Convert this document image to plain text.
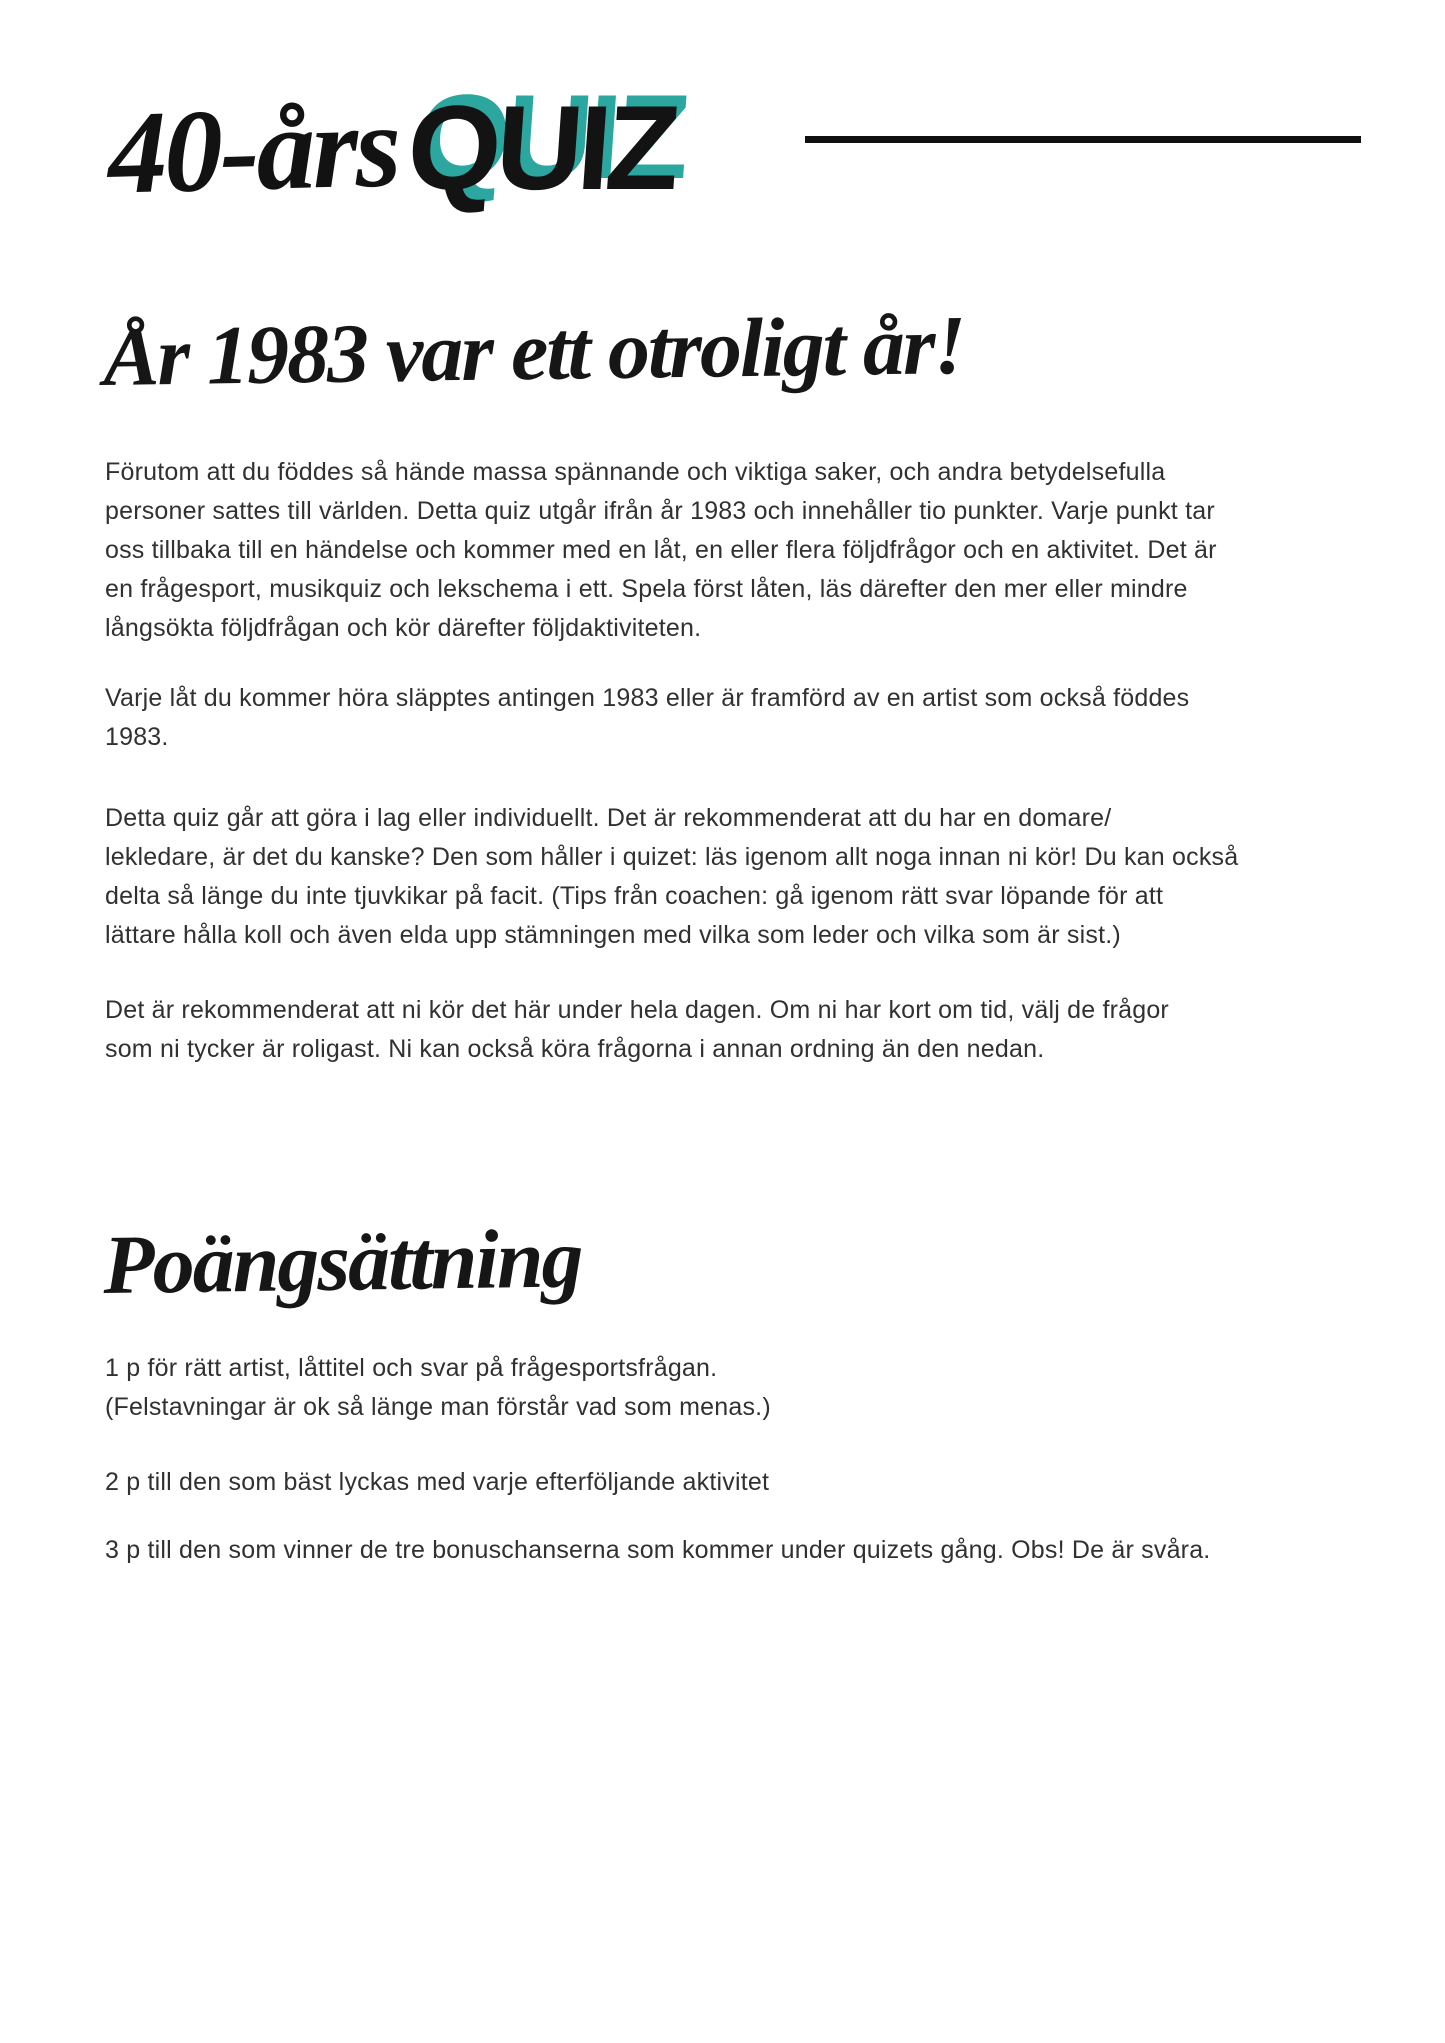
40-års QUIZ
År 1983 var ett otroligt år!
Förutom att du föddes så hände massa spännande och viktiga saker, och andra betydelsefulla
personer sattes till världen. Detta quiz utgår ifrån år 1983 och innehåller tio punkter. Varje punkt tar
oss tillbaka till en händelse och kommer med en låt, en eller flera följdfrågor och en aktivitet. Det är
en frågesport, musikquiz och lekschema i ett. Spela först låten, läs därefter den mer eller mindre
långsökta följdfrågan och kör därefter följdaktiviteten.
Varje låt du kommer höra släpptes antingen 1983 eller är framförd av en artist som också föddes
1983.
Detta quiz går att göra i lag eller individuellt. Det är rekommenderat att du har en domare/
lekledare, är det du kanske? Den som håller i quizet: läs igenom allt noga innan ni kör! Du kan också
delta så länge du inte tjuvkikar på facit. (Tips från coachen: gå igenom rätt svar löpande för att
lättare hålla koll och även elda upp stämningen med vilka som leder och vilka som är sist.)
Det är rekommenderat att ni kör det här under hela dagen. Om ni har kort om tid, välj de frågor
som ni tycker är roligast. Ni kan också köra frågorna i annan ordning än den nedan.
Poängsättning
1 p för rätt artist, låttitel och svar på frågesportsfrågan.
(Felstavningar är ok så länge man förstår vad som menas.)
2 p till den som bäst lyckas med varje efterföljande aktivitet
3 p till den som vinner de tre bonuschanserna som kommer under quizets gång. Obs! De är svåra.
